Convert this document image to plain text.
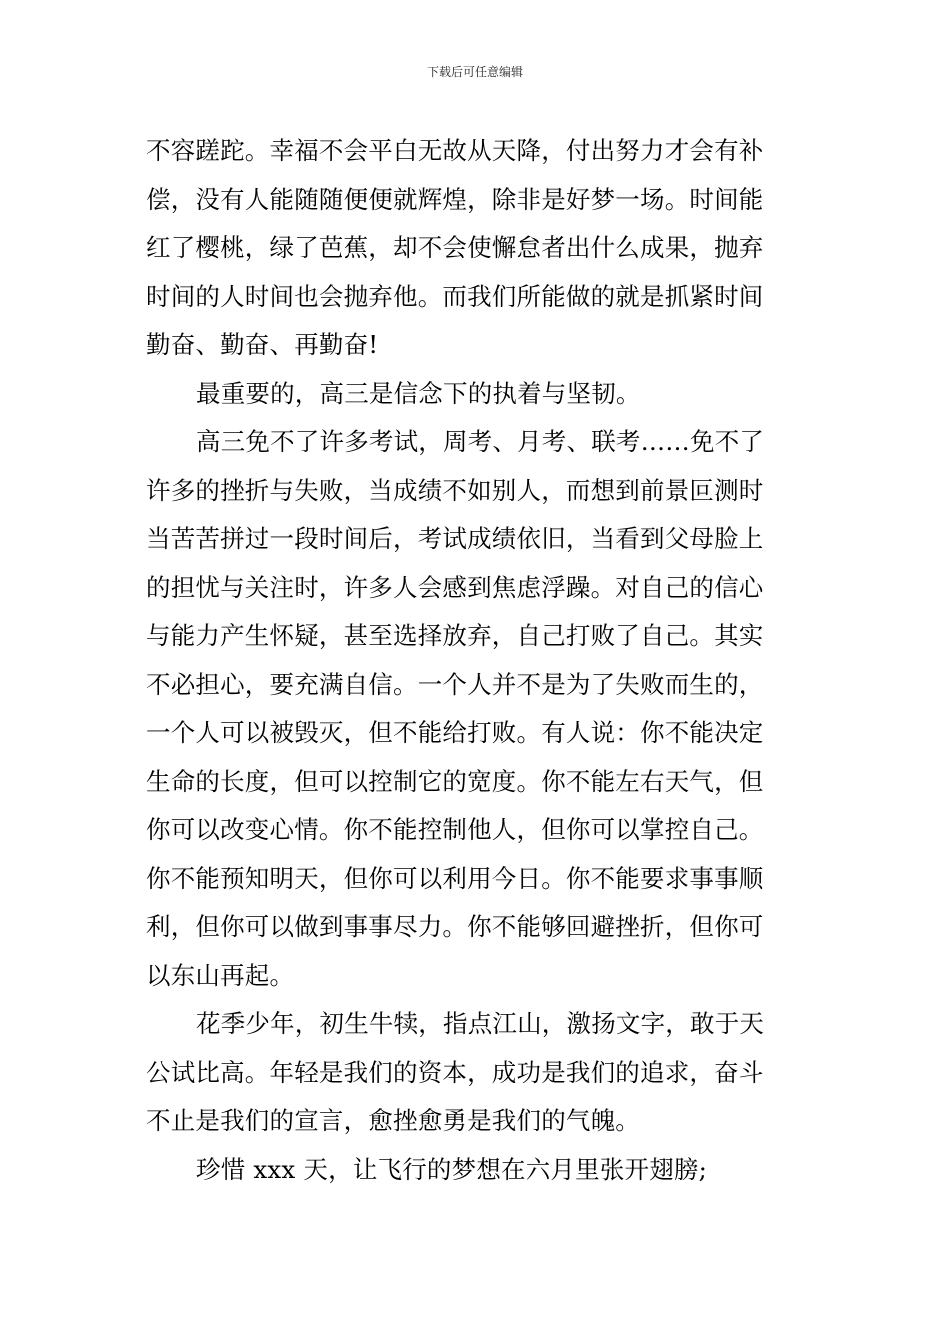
下载后可任意编辑
不容蹉跎。幸福不会平白无故从天降，付出努力才会有补
偿，没有人能随随便便就辉煌，除非是好梦一场。时间能
红了樱桃，绿了芭蕉，却不会使懈怠者出什么成果，抛弃
时间的人时间也会抛弃他。而我们所能做的就是抓紧时间
勤奋、勤奋、再勤奋!
最重要的，高三是信念下的执着与坚韧。
高三免不了许多考试，周考、月考、联考……免不了
许多的挫折与失败，当成绩不如别人，而想到前景叵测时
当苦苦拼过一段时间后，考试成绩依旧，当看到父母脸上
的担忧与关注时，许多人会感到焦虑浮躁。对自己的信心
与能力产生怀疑，甚至选择放弃，自己打败了自己。其实
不必担心，要充满自信。一个人并不是为了失败而生的，
一个人可以被毁灭，但不能给打败。有人说：你不能决定
生命的长度，但可以控制它的宽度。你不能左右天气，但
你可以改变心情。你不能控制他人，但你可以掌控自己。
你不能预知明天，但你可以利用今日。你不能要求事事顺
利，但你可以做到事事尽力。你不能够回避挫折，但你可
以东山再起。
花季少年，初生牛犊，指点江山，激扬文字，敢于天
公试比高。年轻是我们的资本，成功是我们的追求，奋斗
不止是我们的宣言，愈挫愈勇是我们的气魄。
珍惜 xxx 天，让飞行的梦想在六月里张开翅膀;
